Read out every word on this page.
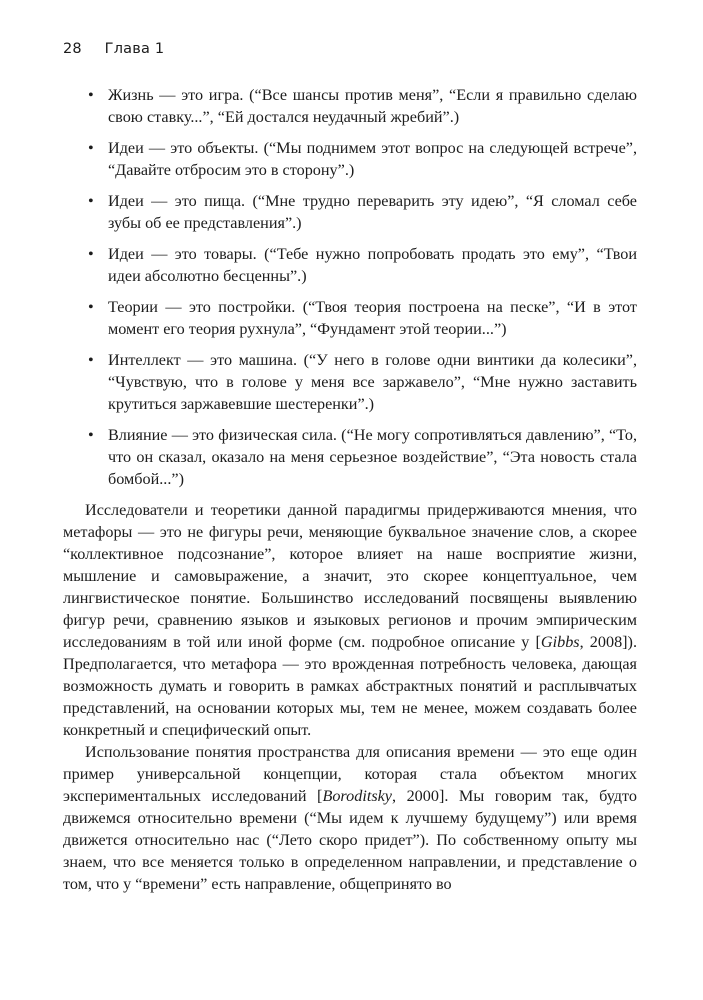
28 Глава 1
• Жизнь — это игра. (“Все шансы против меня”, “Если я правильно сделаю свою ставку...”, “Ей достался неудачный жребий”.)
• Идеи — это объекты. (“Мы поднимем этот вопрос на следующей встрече”, “Давайте отбросим это в сторону”.)
• Идеи — это пища. (“Мне трудно переварить эту идею”, “Я сломал себе зубы об ее представления”.)
• Идеи — это товары. (“Тебе нужно попробовать продать это ему”, “Твои идеи абсолютно бесценны”.)
• Теории — это постройки. (“Твоя теория построена на песке”, “И в этот момент его теория рухнула”, “Фундамент этой теории...”)
• Интеллект — это машина. (“У него в голове одни винтики да колесики”, “Чувствую, что в голове у меня все заржавело”, “Мне нужно заставить крутиться заржавевшие шестеренки”.)
• Влияние — это физическая сила. (“Не могу сопротивляться давлению”, “То, что он сказал, оказало на меня серьезное воздействие”, “Эта новость стала бомбой...”)

Исследователи и теоретики данной парадигмы придерживаются мнения, что метафоры — это не фигуры речи, меняющие буквальное значение слов, а скорее “коллективное подсознание”, которое влияет на наше восприятие жизни, мышление и самовыражение, а значит, это скорее концептуальное, чем лингвистическое понятие. Большинство исследований посвящены выявлению фигур речи, сравнению языков и языковых регионов и прочим эмпирическим исследованиям в той или иной форме (см. подробное описание у [Gibbs, 2008]). Предполагается, что метафора — это врожденная потребность человека, дающая возможность думать и говорить в рамках абстрактных понятий и расплывчатых представлений, на основании которых мы, тем не менее, можем создавать более конкретный и специфический опыт.

Использование понятия пространства для описания времени — это еще один пример универсальной концепции, которая стала объектом многих экспериментальных исследований [Boroditsky, 2000]. Мы говорим так, будто движемся относительно времени (“Мы идем к лучшему будущему”) или время движется относительно нас (“Лето скоро придет”). По собственному опыту мы знаем, что все меняется только в определенном направлении, и представление о том, что у “времени” есть направление, общепринято во
